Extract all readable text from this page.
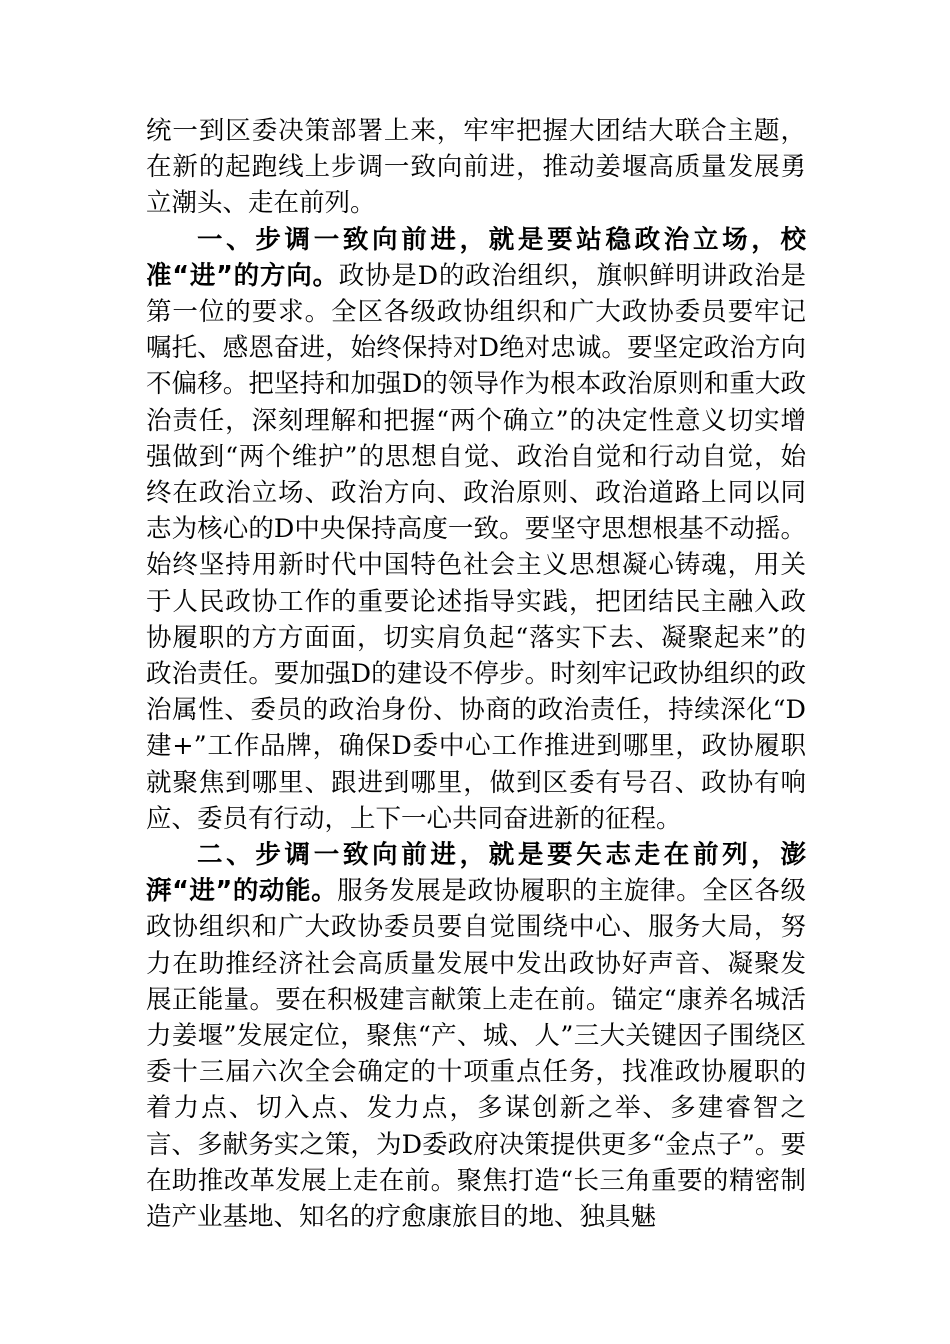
统一到区委决策部署上来，牢牢把握大团结大联合主题，在新的起跑线上步调一致向前进，推动姜堰高质量发展勇立潮头、走在前列。

一、步调一致向前进，就是要站稳政治立场，校准“进”的方向。政协是D的政治组织，旗帜鲜明讲政治是第一位的要求。全区各级政协组织和广大政协委员要牢记嘱托、感恩奋进，始终保持对D绝对忠诚。要坚定政治方向不偏移。把坚持和加强D的领导作为根本政治原则和重大政治责任，深刻理解和把握“两个确立”的决定性意义切实增强做到“两个维护”的思想自觉、政治自觉和行动自觉，始终在政治立场、政治方向、政治原则、政治道路上同以同志为核心的D中央保持高度一致。要坚守思想根基不动摇。始终坚持用新时代中国特色社会主义思想凝心铸魂，用关于人民政协工作的重要论述指导实践，把团结民主融入政协履职的方方面面，切实肩负起“落实下去、凝聚起来”的政治责任。要加强D的建设不停步。时刻牢记政协组织的政治属性、委员的政治身份、协商的政治责任，持续深化“D建+”工作品牌，确保D委中心工作推进到哪里，政协履职就聚焦到哪里、跟进到哪里，做到区委有号召、政协有响应、委员有行动，上下一心共同奋进新的征程。

二、步调一致向前进，就是要矢志走在前列，澎湃“进”的动能。服务发展是政协履职的主旋律。全区各级政协组织和广大政协委员要自觉围绕中心、服务大局，努力在助推经济社会高质量发展中发出政协好声音、凝聚发展正能量。要在积极建言献策上走在前。锚定“康养名城活力姜堰”发展定位，聚焦“产、城、人”三大关键因子围绕区委十三届六次全会确定的十项重点任务，找准政协履职的着力点、切入点、发力点，多谋创新之举、多建睿智之言、多献务实之策，为D委政府决策提供更多“金点子”。要在助推改革发展上走在前。聚焦打造“长三角重要的精密制造产业基地、知名的疗愈康旅目的地、独具魅
